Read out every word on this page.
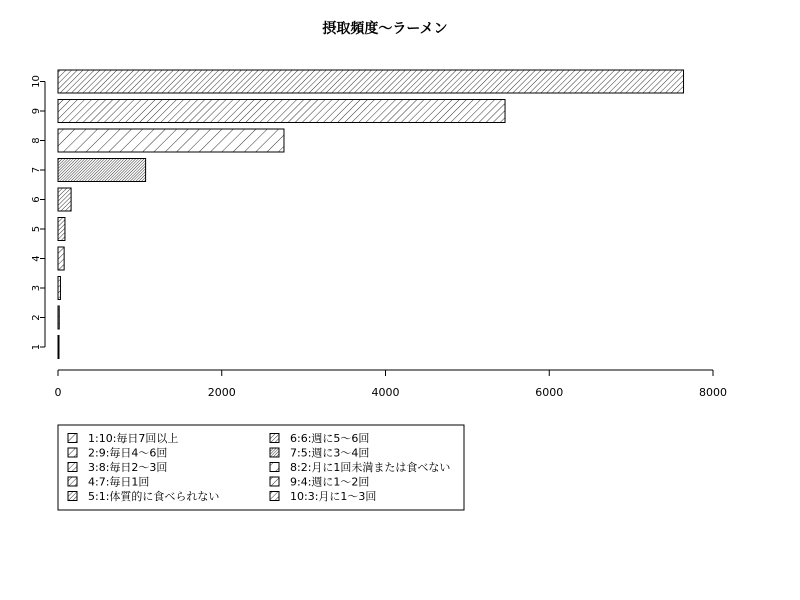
摂取頻度〜ラーメン
1
2
3
4
5
6
7
8
9
10
0	2000	4000	6000	8000
1:10:毎日7回以上
2:9:毎日4〜6回
3:8:毎日2〜3回
4:7:毎日1回
5:1:体質的に食べられない
6:6:週に5〜6回
7:5:週に3〜4回
8:2:月に1回未満または食べない
9:4:週に1〜2回
10:3:月に1〜3回
